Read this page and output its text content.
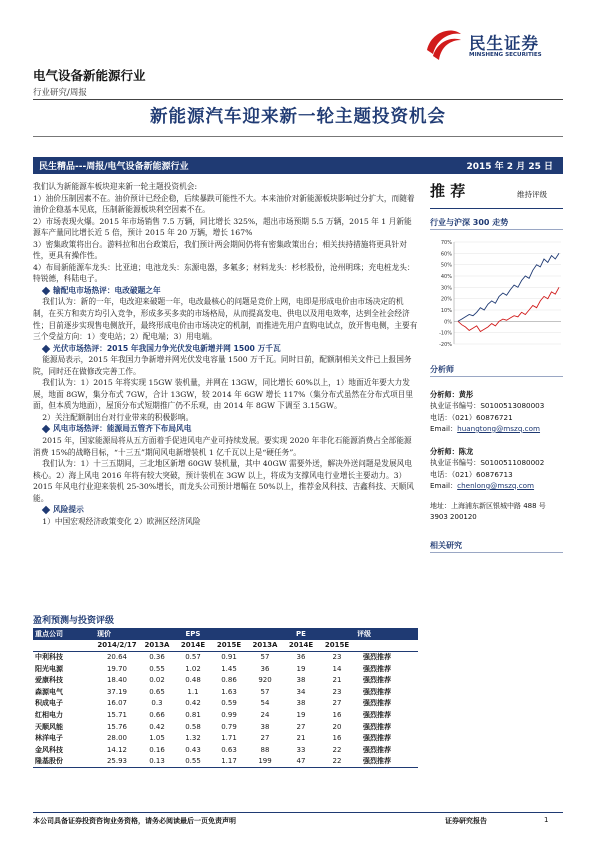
民生证券
MINSHENG SECURITIES
电气设备新能源行业
行业研究/周报
新能源汽车迎来新一轮主题投资机会
民生精品---周报/电气设备新能源行业	2015 年 2 月 25 日

我们认为新能源车板块迎来新一轮主题投资机会:

1）油价压制因素不在。油价预计已经企稳，后续暴跌可能性不大。本来油价对新能源板块影响过分扩大，而随着油价企稳基本见底，压制新能源板块利空因素不在。

2）市场表现火爆。2015 年市场销售 7.5 万辆，同比增长 325%，超出市场预期 5.5 万辆，2015 年 1 月新能源车产量同比增长近 5 倍，预计 2015 年 20 万辆，增长 167%

3）密集政策将出台。游料拉和出台政策后，我们预计两会期间仍将有密集政策出台；相关扶持措施将更具针对性，更具有操作性。

4）布局新能源车龙头：比亚迪；电池龙头：东源电器，多氟多；材料龙头：杉杉股份，沧州明珠；充电桩龙头：特锐德，科陆电子。

输配电市场热评：电改破题之年

我们认为：新的一年，电改迎来破题一年，电改最核心的问题是竞价上网，电即是形成电价由市场决定的机制，在买方和卖方均引入竞争，形成多买多卖的市场格局，从而提高发电、供电以及用电效率，达到全社会经济性；目前逐步实现售电侧放开，最终形成电价由市场决定的机制，而推进先用户直购电试点，放开售电侧，主要有三个受益方向：1）变电站；2）配电端；3）用电端。

光伏市场热评：2015 年我国力争光伏发电新增并网 1500 万千瓦

能源局表示，2015 年我国力争新增并网光伏发电容量 1500 万千瓦。同时日前，配额制相关文件已上报国务院，同时还在做修改完善工作。

我们认为：1）2015 年将实现 15GW 装机量，并网在 13GW，同比增长 60%以上，1）地面近年要大力发展，地面 8GW，集分布式 7GW，合计 13GW，较 2014 年 6GW 增长 117%（集分布式虽然在分布式项目里面，但本质为地面），屋顶分布式短期推广仍不乐观，由 2014 年 8GW 下调至 3.15GW。

2）关注配额制出台对行业带来的积极影响。

风电市场热评：能源局五管齐下布局风电

2015 年，国家能源局将从五方面着手促进风电产业可持续发展。要实现 2020 年非化石能源消费占全部能源消费 15%的战略目标，“十三五”期间风电新增装机 1 亿千瓦以上是“硬任务”。

我们认为：1）十三五期间，三北地区新增 60GW 装机量，其中 40GW 需要外送，解决外送问题是发展风电核心。2）海上风电 2016 年将有较大突破，预计装机在 3GW 以上，将成为支撑风电行业增长主要动力。3）2015 年风电行业迎来装机 25-30%增长，而龙头公司预计增幅在 50%以上，推荐金风科技、吉鑫科技、天顺风能。

风险提示

1）中国宏观经济政策变化 2）欧洲区经济风险

推 荐	维持评级
行业与沪深 300 走势
70%
60%
50%
40%
30%
20%
10%
0%
-10%
-20%
分析师
分析师：黄彤
执业证书编号：S0100513080003
电话：（021）60876721
Email：huangtong@mszq.com
分析师：陈龙
执业证书编号：S0100511080002
电话：（021）60876713
Email：chenlong@mszq.com
地址：上海浦东新区银城中路 488 号 3903 200120
相关研究
盈利预测与投资评级
重点公司	现价	EPS			PE			评级
	2014/2/17	2013A	2014E	2015E	2013A	2014E	2015E	
中利科技	20.64	0.36	0.57	0.91	57	36	23	强烈推荐
阳光电源	19.70	0.55	1.02	1.45	36	19	14	强烈推荐
爱康科技	18.40	0.02	0.48	0.86	920	38	21	强烈推荐
森源电气	37.19	0.65	1.1	1.63	57	34	23	强烈推荐
积成电子	16.07	0.3	0.42	0.59	54	38	27	强烈推荐
红相电力	15.71	0.66	0.81	0.99	24	19	16	强烈推荐
天顺风能	15.76	0.42	0.58	0.79	38	27	20	强烈推荐
林洋电子	28.00	1.05	1.32	1.71	27	21	16	强烈推荐
金风科技	14.12	0.16	0.43	0.63	88	33	22	强烈推荐
隆基股份	25.93	0.13	0.55	1.17	199	47	22	强烈推荐
本公司具备证券投资咨询业务资格，请务必阅读最后一页免责声明	证券研究报告	1
